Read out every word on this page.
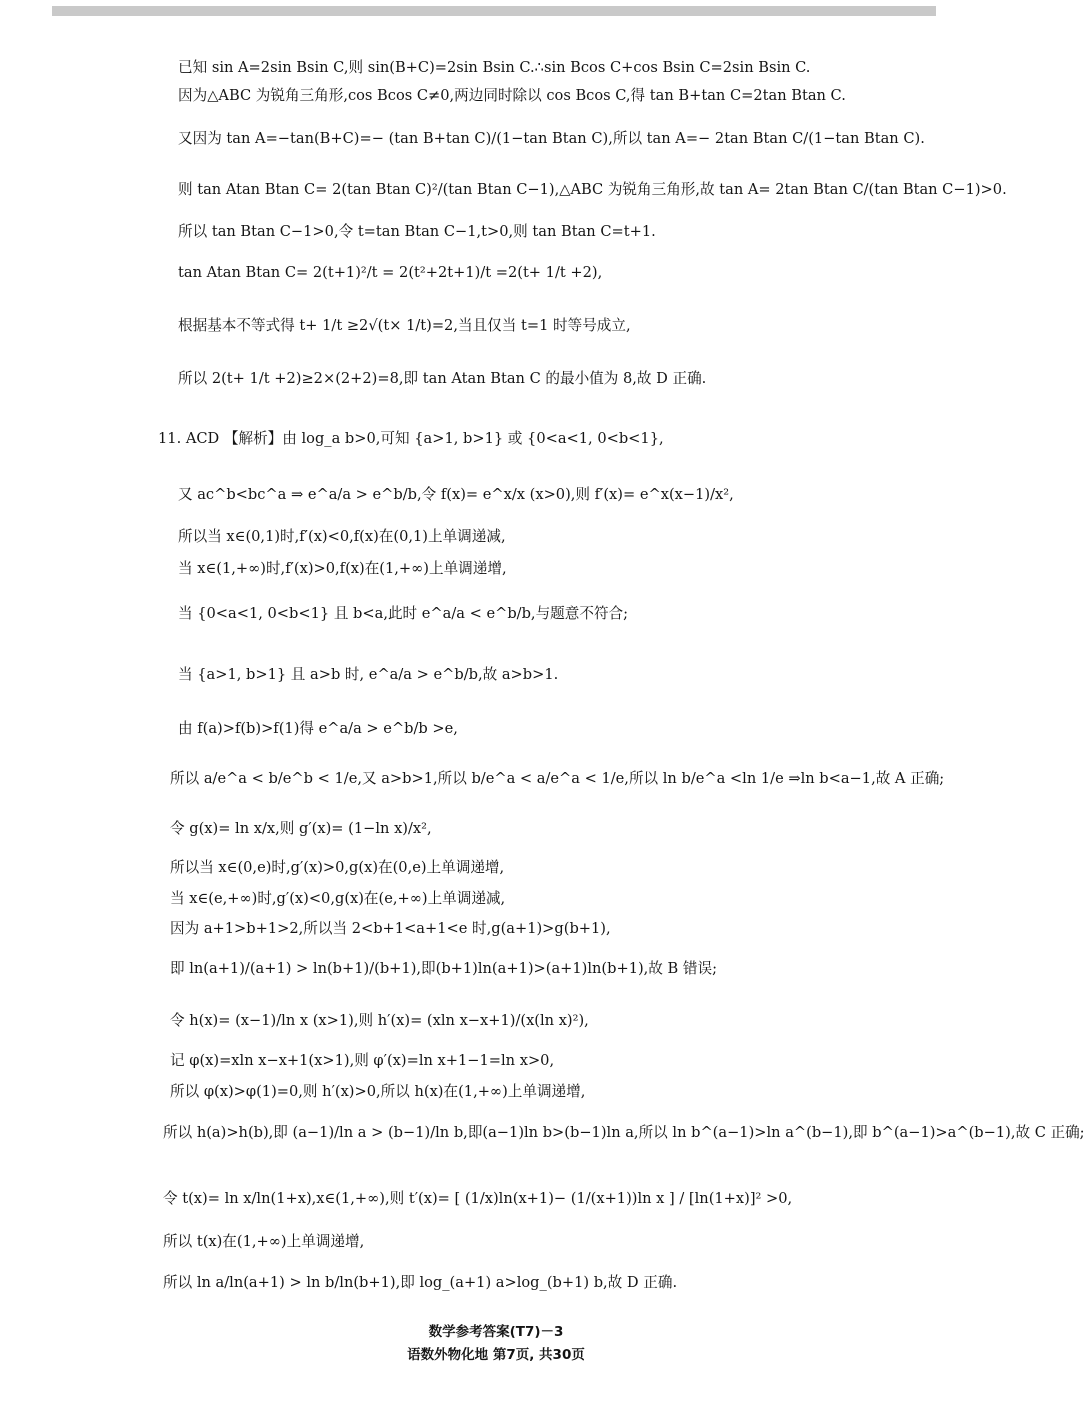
已知 sin A=2sin Bsin C,则 sin(B+C)=2sin Bsin C.∴sin Bcos C+cos Bsin C=2sin Bsin C.
因为△ABC 为锐角三角形,cos Bcos C≠0,两边同时除以 cos Bcos C,得 tan B+tan C=2tan Btan C.
又因为 tan A=−tan(B+C)=− (tan B+tan C)/(1−tan Btan C),所以 tan A=− 2tan Btan C/(1−tan Btan C).
则 tan Atan Btan C= 2(tan Btan C)²/(tan Btan C−1),△ABC 为锐角三角形,故 tan A= 2tan Btan C/(tan Btan C−1)>0.
所以 tan Btan C−1>0,令 t=tan Btan C−1,t>0,则 tan Btan C=t+1.
tan Atan Btan C= 2(t+1)²/t = 2(t²+2t+1)/t =2(t+ 1/t +2),
根据基本不等式得 t+ 1/t ≥2√(t× 1/t)=2,当且仅当 t=1 时等号成立,
所以 2(t+ 1/t +2)≥2×(2+2)=8,即 tan Atan Btan C 的最小值为 8,故 D 正确.
11. ACD 【解析】由 log_a b>0,可知 {a>1, b>1} 或 {0<a<1, 0<b<1},
又 ac^b<bc^a ⇒ e^a/a > e^b/b,令 f(x)= e^x/x (x>0),则 f′(x)= e^x(x−1)/x²,
所以当 x∈(0,1)时,f′(x)<0,f(x)在(0,1)上单调递减,
当 x∈(1,+∞)时,f′(x)>0,f(x)在(1,+∞)上单调递增,
当 {0<a<1, 0<b<1} 且 b<a,此时 e^a/a < e^b/b,与题意不符合;
当 {a>1, b>1} 且 a>b 时, e^a/a > e^b/b,故 a>b>1.
由 f(a)>f(b)>f(1)得 e^a/a > e^b/b >e,
所以 a/e^a < b/e^b < 1/e,又 a>b>1,所以 b/e^a < a/e^a < 1/e,所以 ln b/e^a <ln 1/e ⇒ln b<a−1,故 A 正确;
令 g(x)= ln x/x,则 g′(x)= (1−ln x)/x²,
所以当 x∈(0,e)时,g′(x)>0,g(x)在(0,e)上单调递增,
当 x∈(e,+∞)时,g′(x)<0,g(x)在(e,+∞)上单调递减,
因为 a+1>b+1>2,所以当 2<b+1<a+1<e 时,g(a+1)>g(b+1),
即 ln(a+1)/(a+1) > ln(b+1)/(b+1),即(b+1)ln(a+1)>(a+1)ln(b+1),故 B 错误;
令 h(x)= (x−1)/ln x (x>1),则 h′(x)= (xln x−x+1)/(x(ln x)²),
记 φ(x)=xln x−x+1(x>1),则 φ′(x)=ln x+1−1=ln x>0,
所以 φ(x)>φ(1)=0,则 h′(x)>0,所以 h(x)在(1,+∞)上单调递增,
所以 h(a)>h(b),即 (a−1)/ln a > (b−1)/ln b,即(a−1)ln b>(b−1)ln a,所以 ln b^(a−1)>ln a^(b−1),即 b^(a−1)>a^(b−1),故 C 正确;
令 t(x)= ln x/ln(1+x),x∈(1,+∞),则 t′(x)= [ (1/x)ln(x+1)− (1/(x+1))ln x ] / [ln(1+x)]² >0,
所以 t(x)在(1,+∞)上单调递增,
所以 ln a/ln(a+1) > ln b/ln(b+1),即 log_(a+1) a>log_(b+1) b,故 D 正确.
数学参考答案(T7)－3
语数外物化地 第7页, 共30页
